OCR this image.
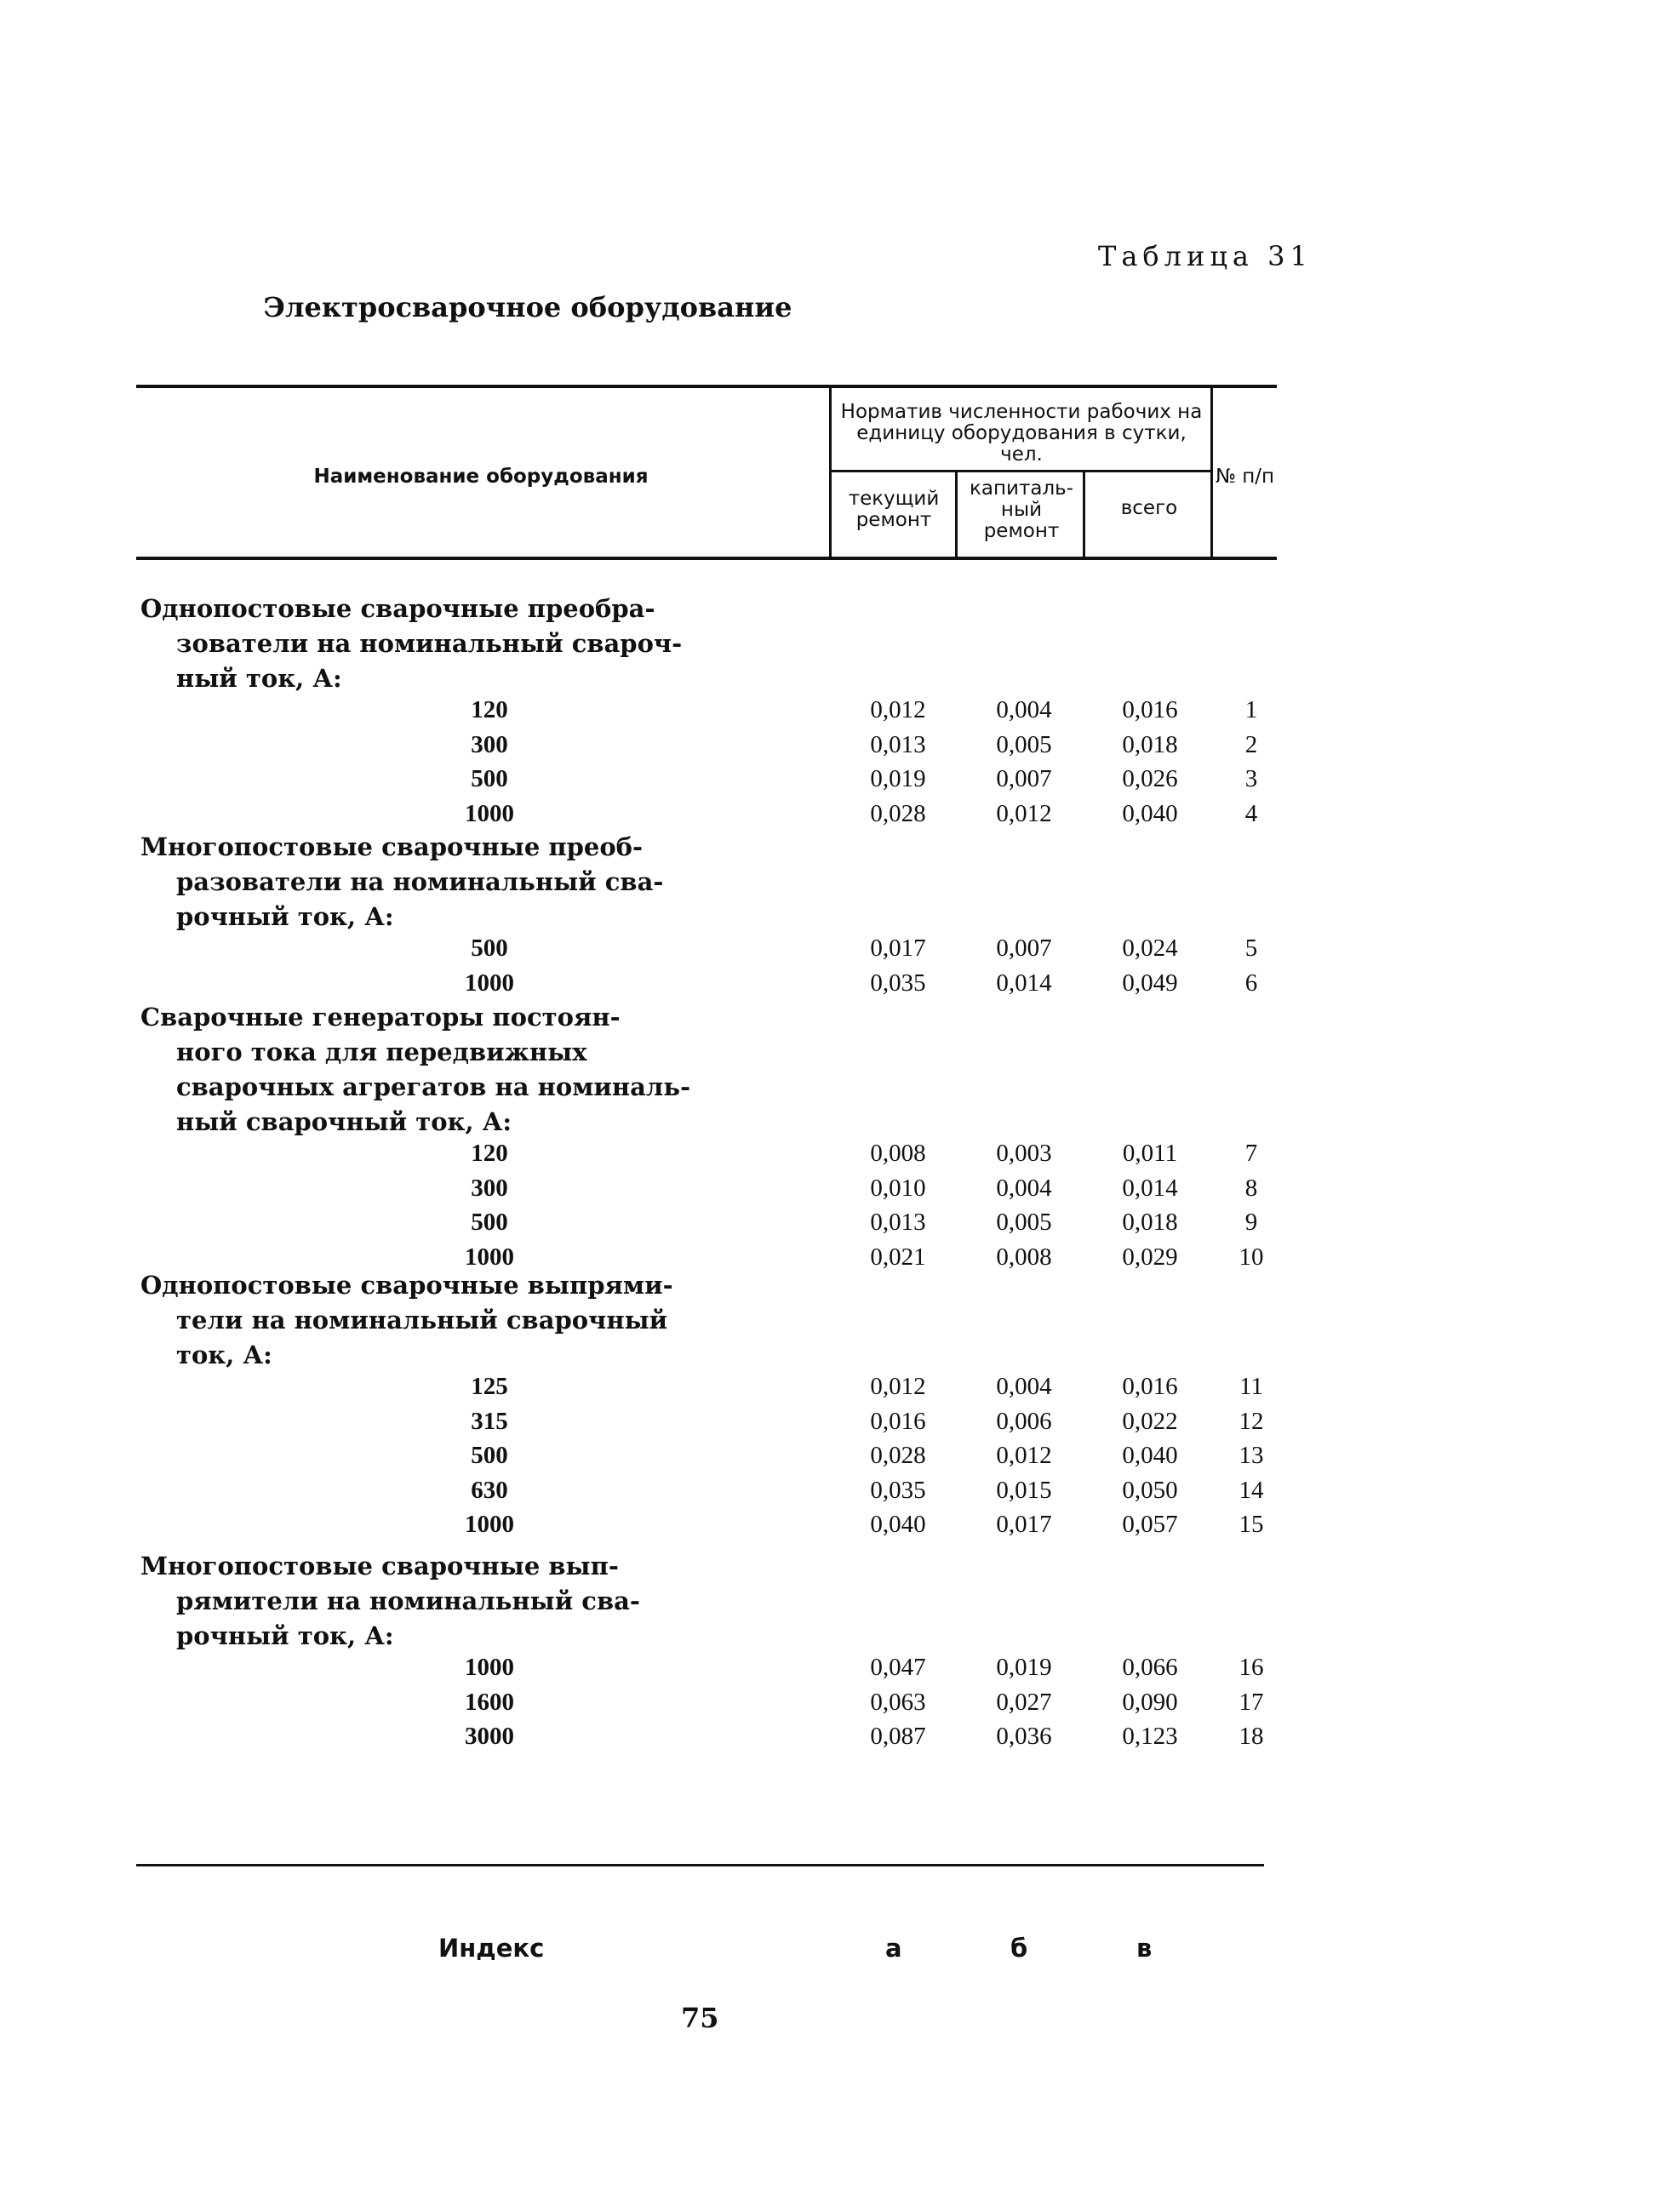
Таблица 31
Электросварочное оборудование
Наименование оборудования
Норматив численности рабочих на единицу оборудования в сутки, чел.
текущий ремонт
капиталь- ный ремонт
всего
№ п/п
Однопостовые сварочные преобра-
зователи на номинальный свароч-
ный ток, А:
120	0,012	0,004	0,016	1
300	0,013	0,005	0,018	2
500	0,019	0,007	0,026	3
1000	0,028	0,012	0,040	4
Многопостовые сварочные преоб-
разователи на номинальный сва-
рочный ток, А:
500	0,017	0,007	0,024	5
1000	0,035	0,014	0,049	6
Сварочные генераторы постоян-
ного тока для передвижных
сварочных агрегатов на номиналь-
ный сварочный ток, А:
120	0,008	0,003	0,011	7
300	0,010	0,004	0,014	8
500	0,013	0,005	0,018	9
1000	0,021	0,008	0,029	10
Однопостовые сварочные выпрями-
тели на номинальный сварочный
ток, А:
125	0,012	0,004	0,016	11
315	0,016	0,006	0,022	12
500	0,028	0,012	0,040	13
630	0,035	0,015	0,050	14
1000	0,040	0,017	0,057	15
Многопостовые сварочные вып-
рямители на номинальный сва-
рочный ток, А:
1000	0,047	0,019	0,066	16
1600	0,063	0,027	0,090	17
3000	0,087	0,036	0,123	18
Индекс	а	б	в
75
